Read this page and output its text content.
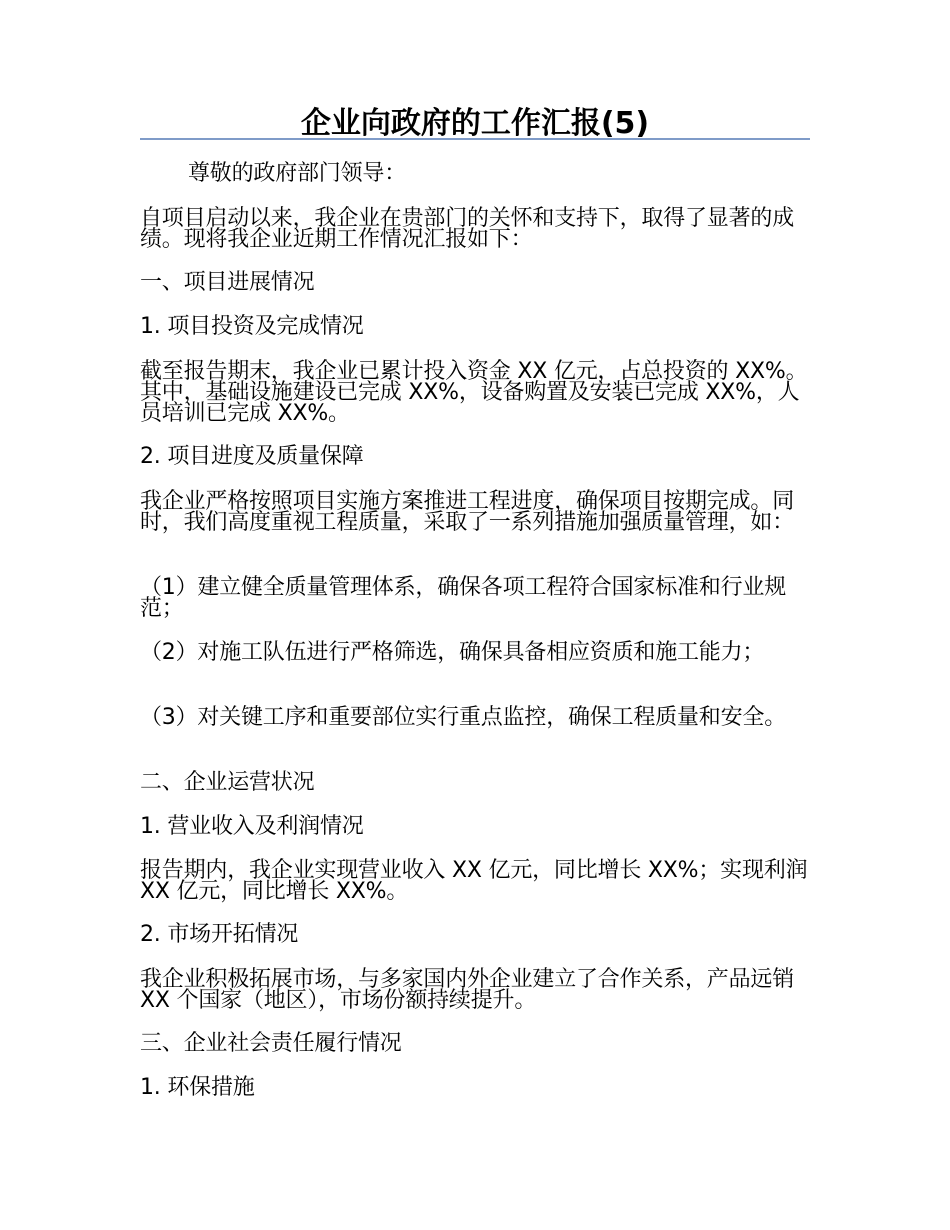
企业向政府的工作汇报(5)

尊敬的政府部门领导：

自项目启动以来，我企业在贵部门的关怀和支持下，取得了显著的成绩。现将我企业近期工作情况汇报如下：

一、项目进展情况

1. 项目投资及完成情况

截至报告期末，我企业已累计投入资金 XX 亿元，占总投资的 XX%。其中，基础设施建设已完成 XX%，设备购置及安装已完成 XX%，人员培训已完成 XX%。

2. 项目进度及质量保障

我企业严格按照项目实施方案推进工程进度，确保项目按期完成。同时，我们高度重视工程质量，采取了一系列措施加强质量管理，如：

（1）建立健全质量管理体系，确保各项工程符合国家标准和行业规范；

（2）对施工队伍进行严格筛选，确保具备相应资质和施工能力；

（3）对关键工序和重要部位实行重点监控，确保工程质量和安全。

二、企业运营状况

1. 营业收入及利润情况

报告期内，我企业实现营业收入 XX 亿元，同比增长 XX%；实现利润 XX 亿元，同比增长 XX%。

2. 市场开拓情况

我企业积极拓展市场，与多家国内外企业建立了合作关系，产品远销 XX 个国家（地区），市场份额持续提升。

三、企业社会责任履行情况

1. 环保措施
